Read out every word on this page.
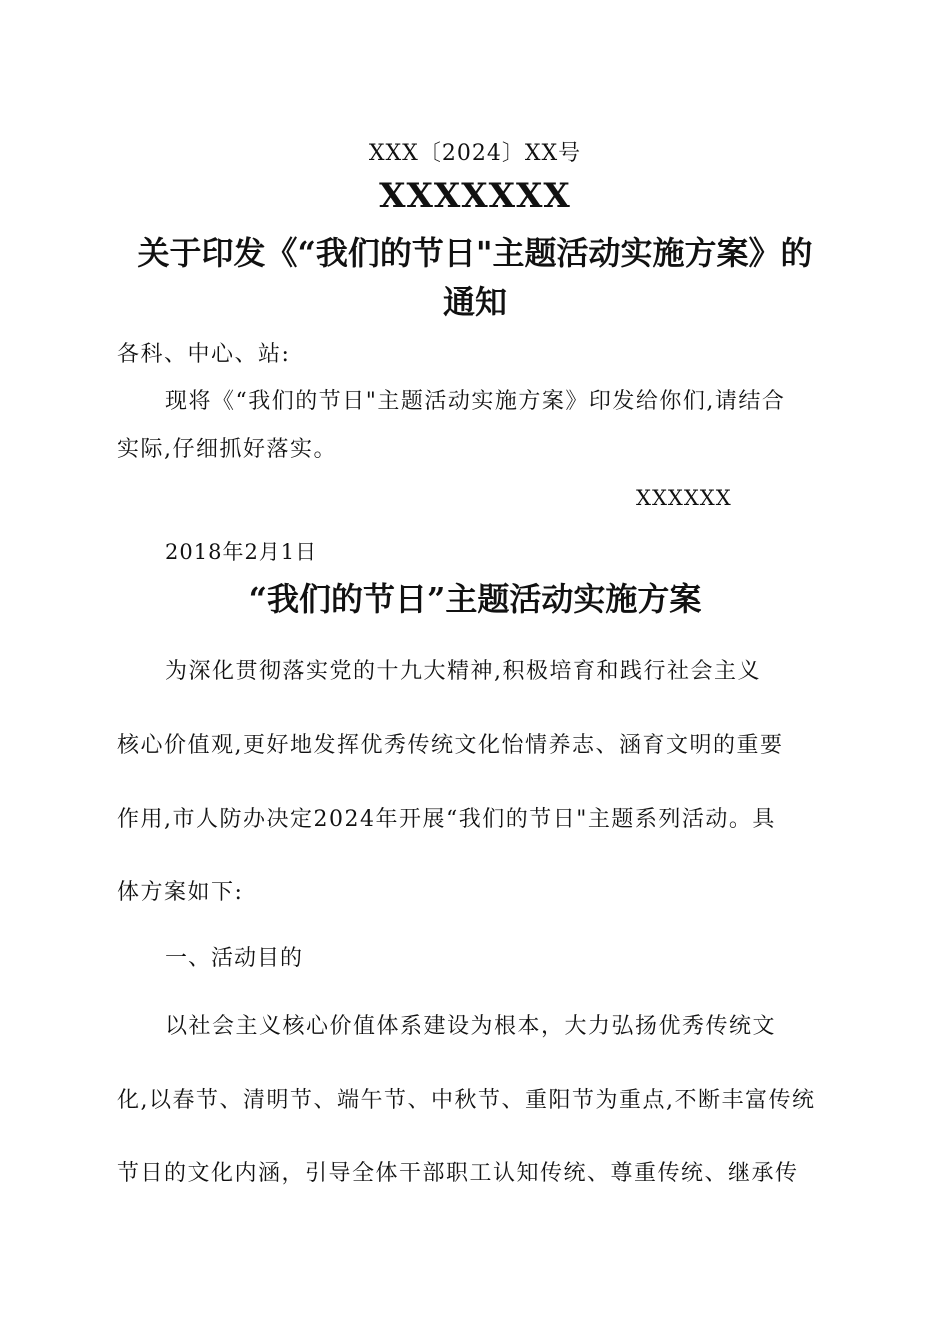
XXX〔2024〕XX号

XXXXXXX

关于印发《“我们的节日"主题活动实施方案》的

通知

各科、中心、站:

现将《“我们的节日"主题活动实施方案》印发给你们,请结合

实际,仔细抓好落实。

XXXXXX

2018年2月1日

“我们的节日”主题活动实施方案

为深化贯彻落实党的十九大精神,积极培育和践行社会主义

核心价值观,更好地发挥优秀传统文化怡情养志、涵育文明的重要

作用,市人防办决定2024年开展“我们的节日"主题系列活动。具

体方案如下:

一、活动目的

以社会主义核心价值体系建设为根本，大力弘扬优秀传统文

化,以春节、清明节、端午节、中秋节、重阳节为重点,不断丰富传统

节日的文化内涵，引导全体干部职工认知传统、尊重传统、继承传
